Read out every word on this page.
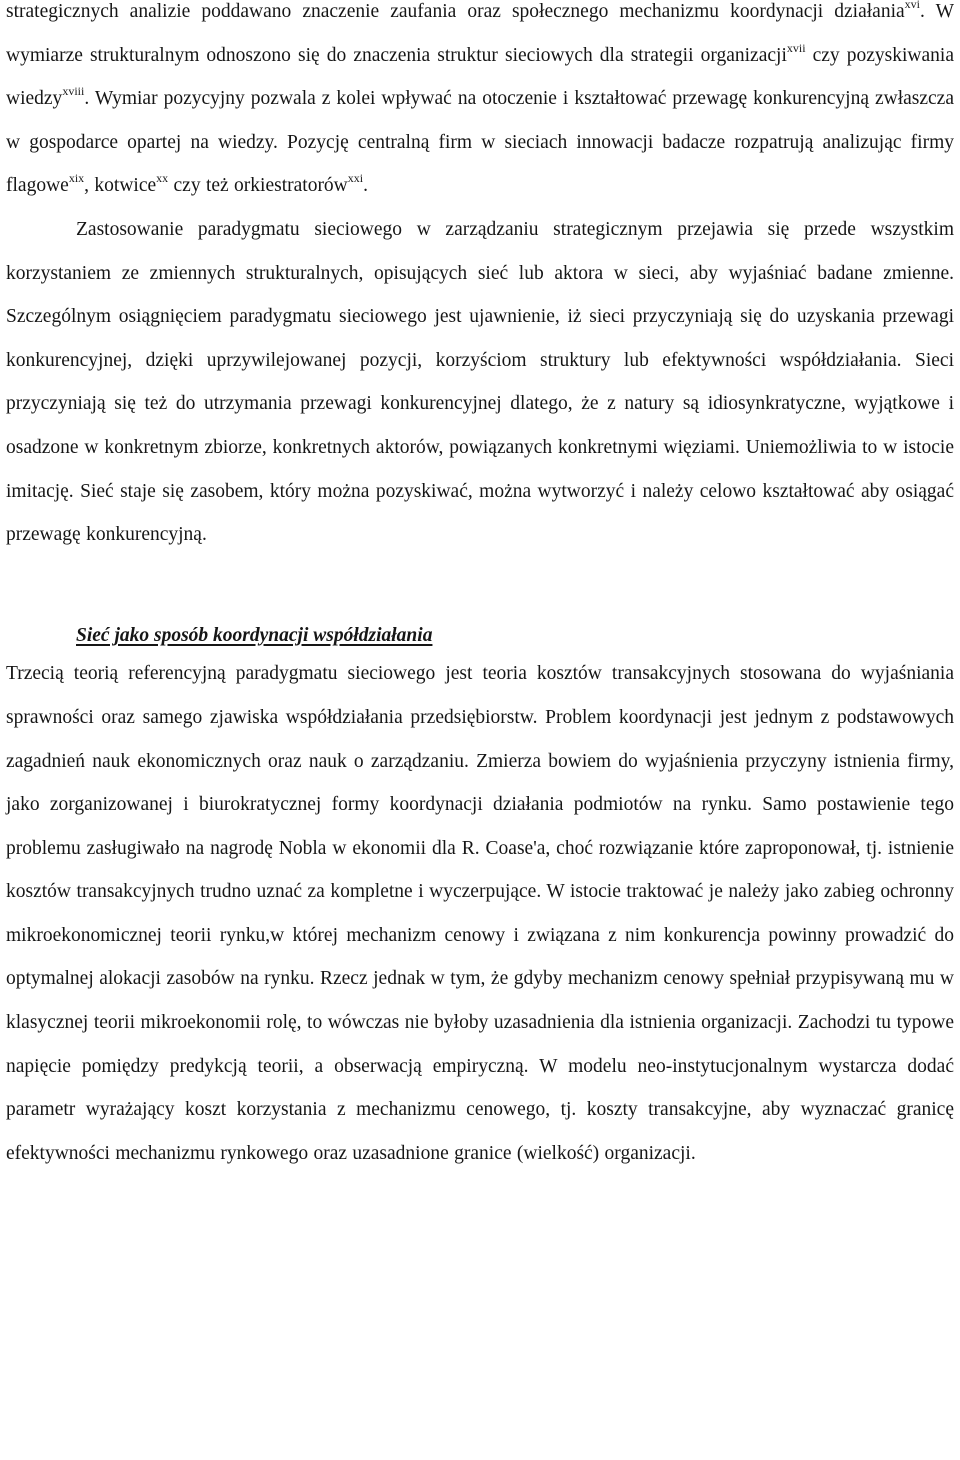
strategicznych analizie poddawano znaczenie zaufania oraz społecznego mechanizmu koordynacji działania$^{xvi}$. W wymiarze strukturalnym odnoszono się do znaczenia struktur sieciowych dla strategii organizacji$^{xvii}$ czy pozyskiwania wiedzy$^{xviii}$. Wymiar pozycyjny pozwala z kolei wpływać na otoczenie i kształtować przewagę konkurencyjną zwłaszcza w gospodarce opartej na wiedzy. Pozycję centralną firm w sieciach innowacji badacze rozpatrują analizując firmy flagowe$^{xix}$, kotwice$^{xx}$ czy też orkiestratorów$^{xxi}$.

Zastosowanie paradygmatu sieciowego w zarządzaniu strategicznym przejawia się przede wszystkim korzystaniem ze zmiennych strukturalnych, opisujących sieć lub aktora w sieci, aby wyjaśniać badane zmienne. Szczególnym osiągnięciem paradygmatu sieciowego jest ujawnienie, iż sieci przyczyniają się do uzyskania przewagi konkurencyjnej, dzięki uprzywilejowanej pozycji, korzyściom struktury lub efektywności współdziałania. Sieci przyczyniają się też do utrzymania przewagi konkurencyjnej dlatego, że z natury są idiosynkratyczne, wyjątkowe i osadzone w konkretnym zbiorze, konkretnych aktorów, powiązanych konkretnymi więziami. Uniemożliwia to w istocie imitację. Sieć staje się zasobem, który można pozyskiwać, można wytworzyć i należy celowo kształtować aby osiągać przewagę konkurencyjną.

Sieć jako sposób koordynacji współdziałania

Trzecią teorią referencyjną paradygmatu sieciowego jest teoria kosztów transakcyjnych stosowana do wyjaśniania sprawności oraz samego zjawiska współdziałania przedsiębiorstw. Problem koordynacji jest jednym z podstawowych zagadnień nauk ekonomicznych oraz nauk o zarządzaniu. Zmierza bowiem do wyjaśnienia przyczyny istnienia firmy, jako zorganizowanej i biurokratycznej formy koordynacji działania podmiotów na rynku. Samo postawienie tego problemu zasługiwało na nagrodę Nobla w ekonomii dla R. Coase'a, choć rozwiązanie które zaproponował, tj. istnienie kosztów transakcyjnych trudno uznać za kompletne i wyczerpujące. W istocie traktować je należy jako zabieg ochronny mikroekonomicznej teorii rynku,w której mechanizm cenowy i związana z nim konkurencja powinny prowadzić do optymalnej alokacji zasobów na rynku. Rzecz jednak w tym, że gdyby mechanizm cenowy spełniał przypisywaną mu w klasycznej teorii mikroekonomii rolę, to wówczas nie byłoby uzasadnienia dla istnienia organizacji. Zachodzi tu typowe napięcie pomiędzy predykcją teorii, a obserwacją empiryczną. W modelu neo-instytucjonalnym wystarcza dodać parametr wyrażający koszt korzystania z mechanizmu cenowego, tj. koszty transakcyjne, aby wyznaczać granicę efektywności mechanizmu rynkowego oraz uzasadnione granice (wielkość) organizacji.
